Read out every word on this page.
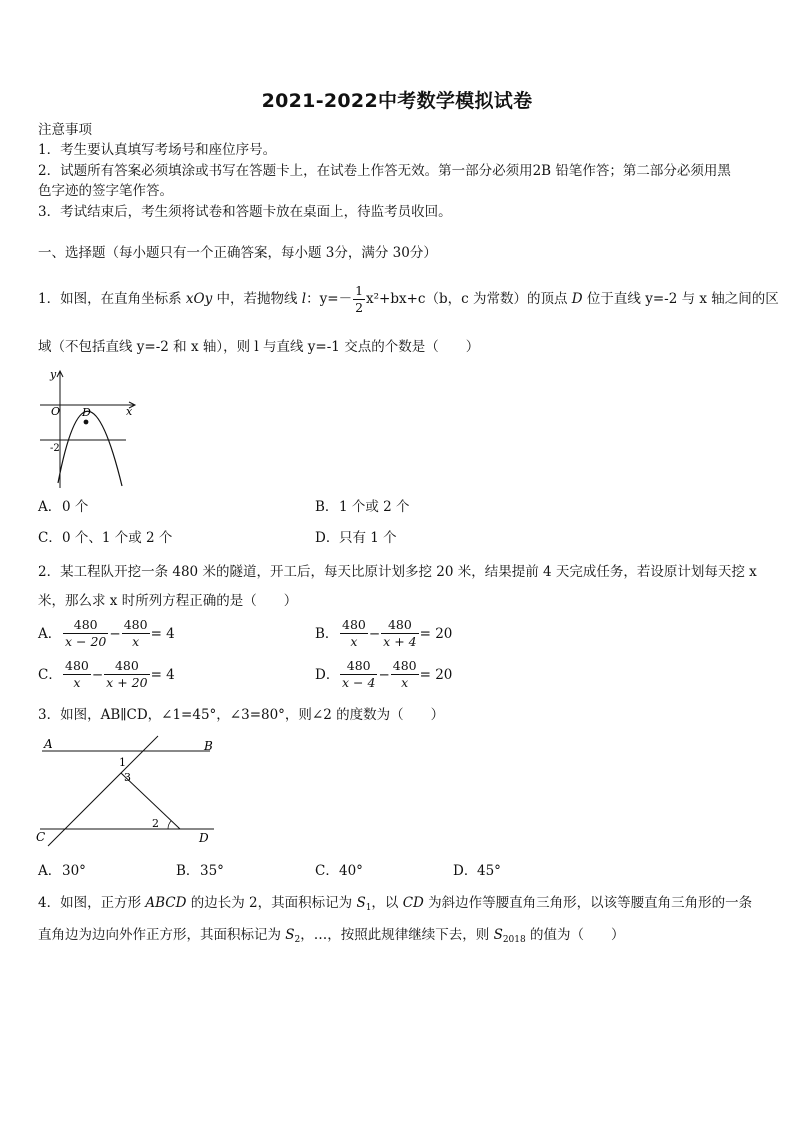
2021-2022中考数学模拟试卷
注意事项
1．考生要认真填写考场号和座位序号。
2．试题所有答案必须填涂或书写在答题卡上，在试卷上作答无效。第一部分必须用2B 铅笔作答；第二部分必须用黑
色字迹的签字笔作答。
3．考试结束后，考生须将试卷和答题卡放在桌面上，待监考员收回。
一、选择题（每小题只有一个正确答案，每小题 3分，满分 30分）
1．如图，在直角坐标系 xOy 中，若抛物线 l：$y=- \frac{1}{2} x^2+bx+c(b$，c 为常数）的顶点 D 位于直线 y=-2 与 x 轴之间的区
域（不包括直线 y=-2 和 x 轴），则 l 与直线 y=-1 交点的个数是（　　）
y
x
O D
-2
A．0 个	B．1 个或 2 个
C．0 个、1 个或 2 个	D．只有 1 个
2．某工程队开挖一条 480 米的隧道，开工后，每天比原计划多挖 20 米，结果提前 4 天完成任务，若设原计划每天挖 x
米，那么求 x 时所列方程正确的是（　　）
A． $\frac{480}{x - 20} - \frac{480}{x} = 4$	B． $\frac{480}{x} - \frac{480}{x + 4} = 20$
C． $\frac{480}{x} - \frac{480}{x + 20} = 4$	D． $\frac{480}{x - 4} - \frac{480}{x} = 20$
3．如图，AB∥CD，∠1=45°，∠3=80°，则∠2 的度数为（　　）
A	B
C	D
1
3
2
A．30°	B．35°	C．40°	D．45°
4．如图，正方形 ABCD 的边长为 2，其面积标记为 $S_1$，以 CD 为斜边作等腰直角三角形，以该等腰直角三角形的一条
直角边为边向外作正方形，其面积标记为 $S_2$，…，按照此规律继续下去，则 $S_{2018}$ 的值为（　　）
